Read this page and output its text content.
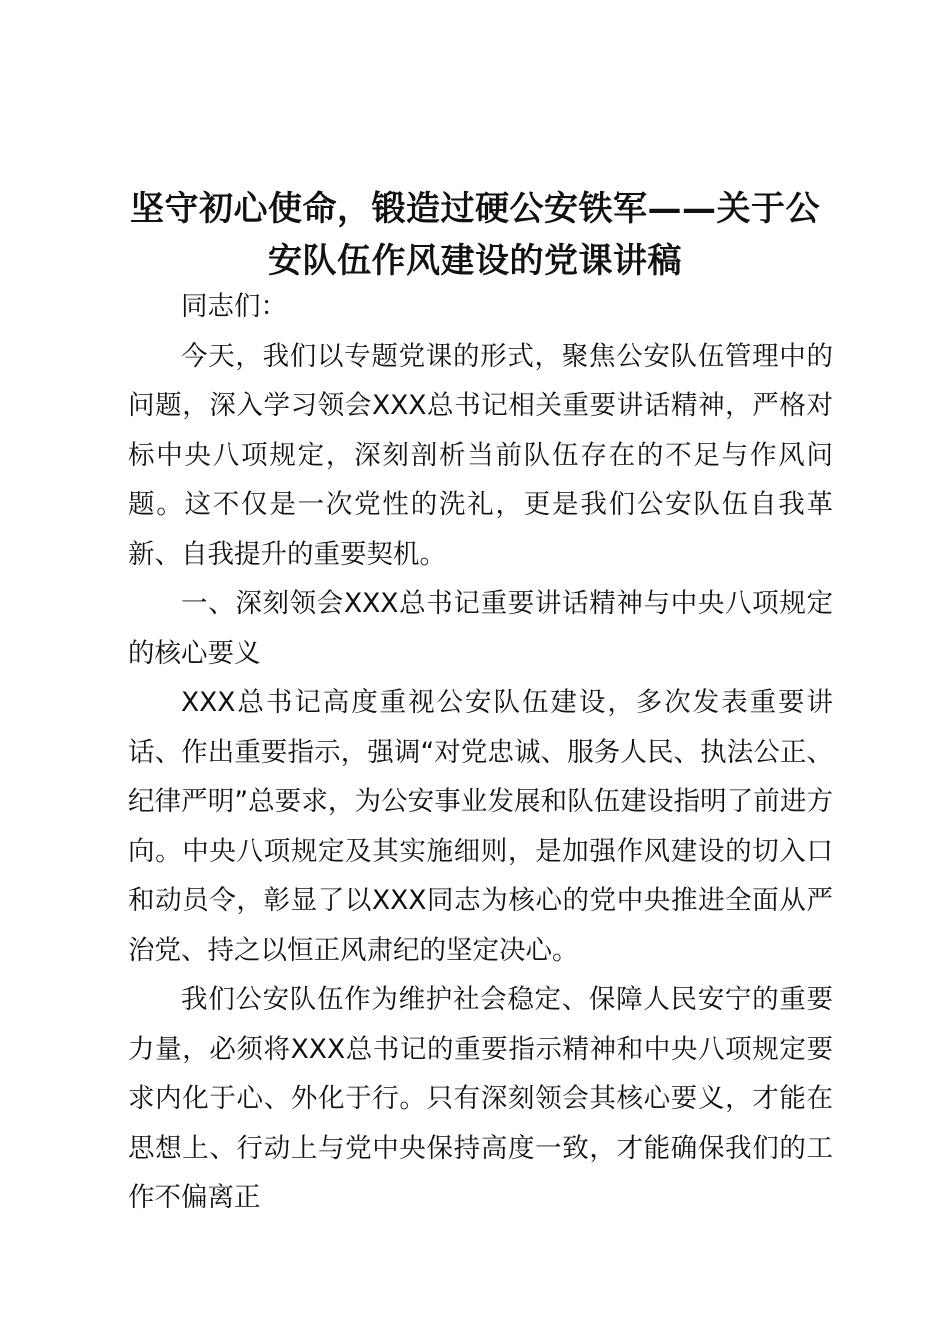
坚守初心使命，锻造过硬公安铁军——关于公
安队伍作风建设的党课讲稿

同志们：

今天，我们以专题党课的形式，聚焦公安队伍管理中的问题，深入学习领会XXX总书记相关重要讲话精神，严格对标中央八项规定，深刻剖析当前队伍存在的不足与作风问题。这不仅是一次党性的洗礼，更是我们公安队伍自我革新、自我提升的重要契机。

一、深刻领会XXX总书记重要讲话精神与中央八项规定的核心要义

XXX总书记高度重视公安队伍建设，多次发表重要讲话、作出重要指示，强调“对党忠诚、服务人民、执法公正、纪律严明”总要求，为公安事业发展和队伍建设指明了前进方向。中央八项规定及其实施细则，是加强作风建设的切入口和动员令，彰显了以XXX同志为核心的党中央推进全面从严治党、持之以恒正风肃纪的坚定决心。

我们公安队伍作为维护社会稳定、保障人民安宁的重要力量，必须将XXX总书记的重要指示精神和中央八项规定要求内化于心、外化于行。只有深刻领会其核心要义，才能在思想上、行动上与党中央保持高度一致，才能确保我们的工作不偏离正
